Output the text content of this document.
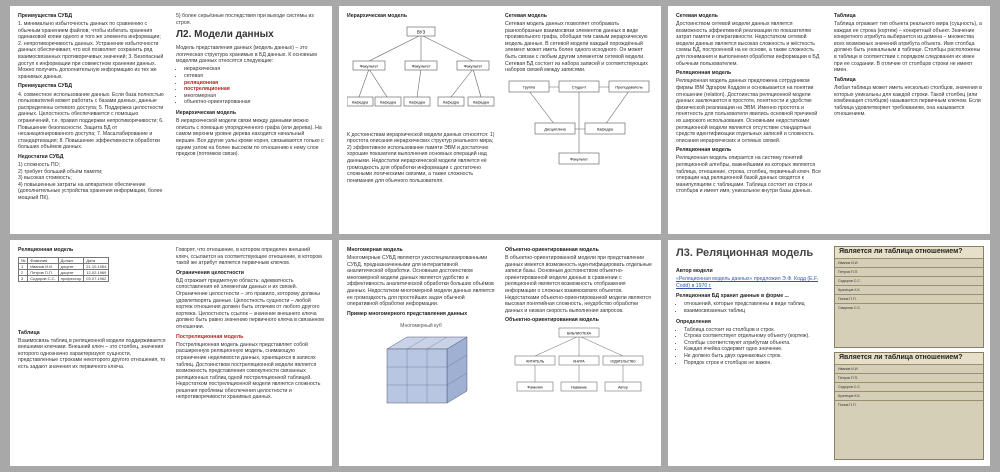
Преимущества СУБД

1. минимально избыточность данных по сравнению с обычным хранением файлов, чтобы избегать хранения одинаковой копии одного и того же элемента информации; 2. непротиворечивость данных. Устранение избыточности данных обеспечивает, что всё позволяет сохранить ряд взаимосвязанных противоречивых значений; 3. Безопасный доступ к информации при совместном хранении данных. Можно получить дополнительную информацию из тех же хранимых данных.

Преимущества СУБД

4. совместное использование данных. Если база полностью пользователей может работать с базами данных, данные распределены сетевого доступа; 5. Поддержка целостности данных. Целостность обеспечивается с помощью ограничений, т.е. правил поддержки непротиворечивости; 6. Повышение безопасности. Защита БД от несанкционированного доступа; 7. Масштабирование и стандартизация; 8. Повышение эффективности обработки больших объёмов данных.

Недостатки СУБД

1) сложность ПО;
2) требует больший объём памяти;
3) высокая стоимость;
4) повышенные затраты на аппаратное обеспечение (дополнительные устройства хранения информации, более мощный ПК).

5) более серьёзные последствия при выходе системы из строя.

Л2. Модели данных

Модель представления данных (модель данных) – это логическая структура хранимых в БД данных. К основным моделям данных относятся следующие:

• иерархическая
• сетевая
• реляционная
• постреляционная
• многомерная
• объектно-ориентированная

Иерархическая модель

В иерархической модели связи между данными можно описать с помощью упорядоченного графа (или дерева). На самом верхнем уровне дерева находится начальный вершин. Все другие узлы кроме корня, связываются только с одним узлом на более высоком по отношению к нему слое предков (потомков связи).

Иерархическая модель

ВУЗ
Факультет	Факультет	Факультет
Кафедра	Кафедра	Кафедра	Кафедра	Кафедра

К достоинствам иерархической модели данных относятся: 1) простота описания иерархических структур реального мира; 2) эффективное использование памяти ЭВМ и достаточно хорошие показатели выполнения основных операций над данными. Недостатки иерархической модели является её громоздкость для обработки информации с достаточно сложными логическими связями, а также сложность понимания для обычного пользователя.

Сетевая модель

Сетевая модель данных позволяет отображать разнообразные взаимосвязи элементов данных в виде произвольного графа, обобщая тем самым иерархическую модель данных. В сетевой модели каждый порождённый элемент может иметь более одного исходного. Он может быть связан с любым другим элементом сетевой модели. Сетевая БД состоит из набора записей и соответствующих наборов связей между записями.

Группа	Студент	Преподаватель
Дисциплина	Кафедра
Факультет

Сетевая модель

Достоинством сетевой модели данных является возможность эффективной реализации по показателям затрат памяти и оперативности. Недостатком сетевой модели данных является высокая сложность и жёсткость схемы БД, построенной на ее основе, а также сложность для понимания и выполнения обработки информации в БД обычным пользователем.

Реляционная модель

Реляционная модель данных предложена сотрудником фирмы IBM Эдгаром Коддом и основывается на понятии отношение (relation). Достоинства реляционной модели данных заключаются в простоте, понятности и удобстве физической реализации на ЭВМ. Именно простота и понятность для пользователя явились основной причиной их широкого использования. Основными недостатками реляционной модели являются отсутствие стандартных средств идентификации отдельных записей и сложность описания иерархических и сетевых связей.

Реляционная модель

Реляционная модель опирается на систему понятий реляционной алгебры, важнейшими из которых являются таблица, отношение, строка, столбец, первичный ключ. Все операции над реляционной базой данных сводятся к манипуляциям с таблицами. Таблица состоит из строк и столбцов и имеет имя, уникальное внутри базы данных.

Таблица

Таблица отражает тип объекта реального мира (сущность), а каждая ее строка (кортеж) – конкретный объект. Значение конкретного атрибута выбирается из домена – множества всех возможных значений атрибута объекта. Имя столбца должно быть уникальным в таблице. Столбцы расположены в таблице в соответствии с порядком следования их имен при ее создании. В отличие от столбцов строки не имеют имен.

Таблица

Любая таблица может иметь несколько столбцов, значения в которых уникальны для каждой строки. Такой столбец (или комбинация столбцов) называется первичным ключом. Если таблица удовлетворяет требованиям, она называется отношением.

Реляционная модель

№	Фамилия	Должн.	Дата
1	Иванов И.И.	доцент	21.10.1964
2	Петров П.П.	доцент	12.02.1969
3	Сидоров С.С.	профессор	03.07.1962

Таблица

Взаимосвязь таблиц в реляционной модели поддерживается внешними ключами. Внешний ключ – это столбец, значения которого однозначно характеризуют сущности, представленные строками некоторого другого отношения, то есть задают значения их первичного ключа.

Говорят, что отношение, в котором определен внешний ключ, ссылается на соответствующее отношение, в котором такой же атрибут является первичным ключом.

Ограничения целостности

БД отражает предметную область: адекватность сопоставления её элементам данных и их связей. Ограничение целостности – это правило, которому должны удовлетворять данные. Целостность сущности – любой кортеж отношения должен быть отличим от любого другого кортежа. Целостность ссылок – значение внешнего ключа должно быть равно значению первичного ключа в связанном отношении.

Постреляционная модель

Постреляционная модель данных представляет собой расширенную реляционную модель, снимающую ограничение неделимости данных, хранящихся в записях таблиц. Достоинством постреляционной модели является возможность представления совокупности связанных реляционных таблиц одной постреляционной таблицей. Недостатком постреляционной модели является сложность решения проблемы обеспечения целостности и непротиворечивости хранимых данных.

Многомерная модель

Многомерные СУБД являются узкоспециализированными СУБД, предназначенными для интерактивной аналитической обработки. Основным достоинством многомерной модели данных является удобство и эффективность аналитической обработки больших объёмов данных. Недостатком многомерной модели данных является ее громоздкость для простейших задач обычной оперативной обработки информации.

Пример многомерного представления данных

Многомерный куб

Объектно-ориентированная модель

В объектно-ориентированной модели при представлении данных имеется возможность идентифицировать отдельные записи базы. Основным достоинством объектно-ориентированной модели данных в сравнении с реляционной является возможность отображения информации о сложных взаимосвязях объектов. Недостатками объектно-ориентированной модели являются высокая понятийная сложность, неудобство обработки данных и низкая скорость выполнения запросов.

Объектно-ориентированная модель

БИБЛИОТЕКА
ЧИТАТЕЛЬ	КНИГА	ИЗДАТЕЛЬСТВО
Фамилия	Название	Автор
Л3. Реляционная модель

Автор модели

«Реляционная модель данных» предложил Э.Ф. Кодд (E.F. Codd) в 1970 г.

Реляционная БД хранит данные в форме ...

• отношений, которые представлены в виде таблиц
• взаимосвязанных таблиц

Определения

• Таблица состоит из столбцов и строк.
• Строка соответствует отдельному объекту (кортеж).
• Столбцы соответствуют атрибутам объекта.
• Каждая ячейка содержит одно значение.
• Не должно быть двух одинаковых строк.
• Порядок строк и столбцов не важен.
Является ли таблица отношением?
Иванов И.И.
Петров П.П.
Сидоров С.С.
Кузнецов К.К.
Попов П.П.
Смирнов С.С.
Является ли таблица отношением?
Иванов И.И.
Петров П.П.
Сидоров С.С.
Кузнецов К.К.
Попов П.П.
